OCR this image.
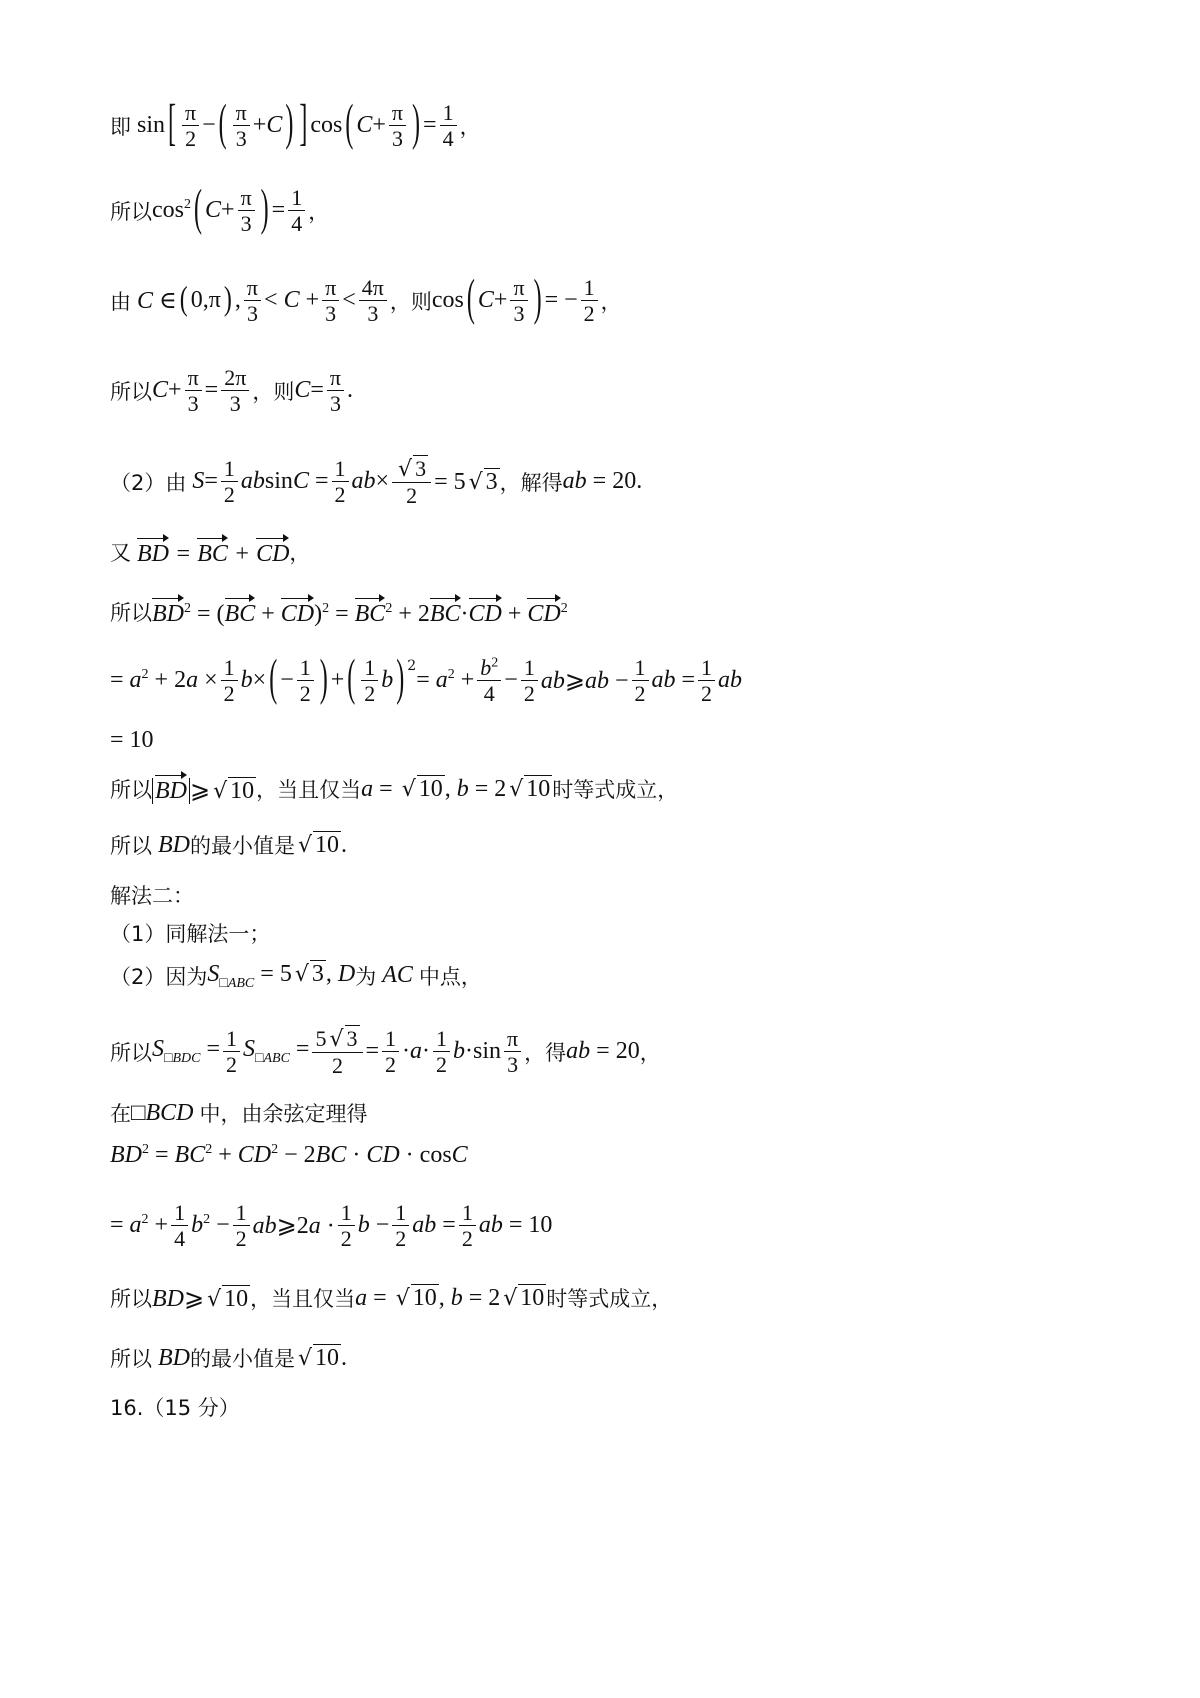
即 sin [ $\frac{\pi}{2}$ − ( $\frac{\pi}{3} +C$ ) ] cos ( $C + \frac{\pi}{3}$ ) = $\frac{1}{4}$ ，
所以 $\cos^2$ ( $C + \frac{\pi}{3}$ ) = $\frac{1}{4}$ ，
由 C ∈ ( 0,π ) , $\frac{\pi}{3} < C + \frac{\pi}{3} < \frac{4\pi}{3}$ ， 则 cos ( $C + \frac{\pi}{3}$ ) = − $\frac{1}{2}$ ，
所以 $C + \frac{\pi}{3} = \frac{2\pi}{3}$ ， 则 $C = \frac{\pi}{3}$ .
（2）由 $S = \frac{1}{2}$ $absinC = \frac{1}{2} ab\times \frac{√ 3}{2} = 5$ √ 3 ，解得 ab = 20.
又 BD = BC + CD ，
所以 $BD^2 = (BC + CD)^2 = BC^2 + 2BC\cdot CD + CD^2$
= $a^2 + 2a \times \frac{1}{2}$ b × ( − $\frac{1}{2}$ ) + ( $\frac{1}{2}$ b )$^2$
= $a^2 + \frac{b^2}{4} - \frac{1}{2}$ ab⩾ab − $\frac{1}{2}$ ab = $\frac{1}{2}$ ab
= 10
所以 BD ⩾ √ 10 ，当且仅当 a = √ 10, b = 2 √ 10 时等式成立，
所以 BD 的最小值是 √ 10.
解法二：
（1）同解法一；
（2）因为 $S_{□ABC} = 5$ √ 3, D 为 AC 中点，
所以 $S_{□BDC} = \frac{1}{2} S_{□ABC} = \frac{5 √ 3}{2} = \frac{1}{2} \cdot a\cdot \frac{1}{2} b\cdot\sin \frac{\pi}{3}$ ，得 ab = 20 ，
在 □BCD 中，由余弦定理得
$BD^2 = BC^2 + CD^2 - 2BC$ · CD · cosC
= $a^2 + \frac{1}{4} b^2 - \frac{1}{2}$ ab⩾2a · $\frac{1}{2}$ $b - \frac{1}{2}$ ab = $\frac{1}{2}$ ab = 10
所以 BD⩾ √ 10 ，当且仅当 a = √ 10, b = 2 √ 10 时等式成立，
所以 BD 的最小值是 √ 10.
16.（15 分）
